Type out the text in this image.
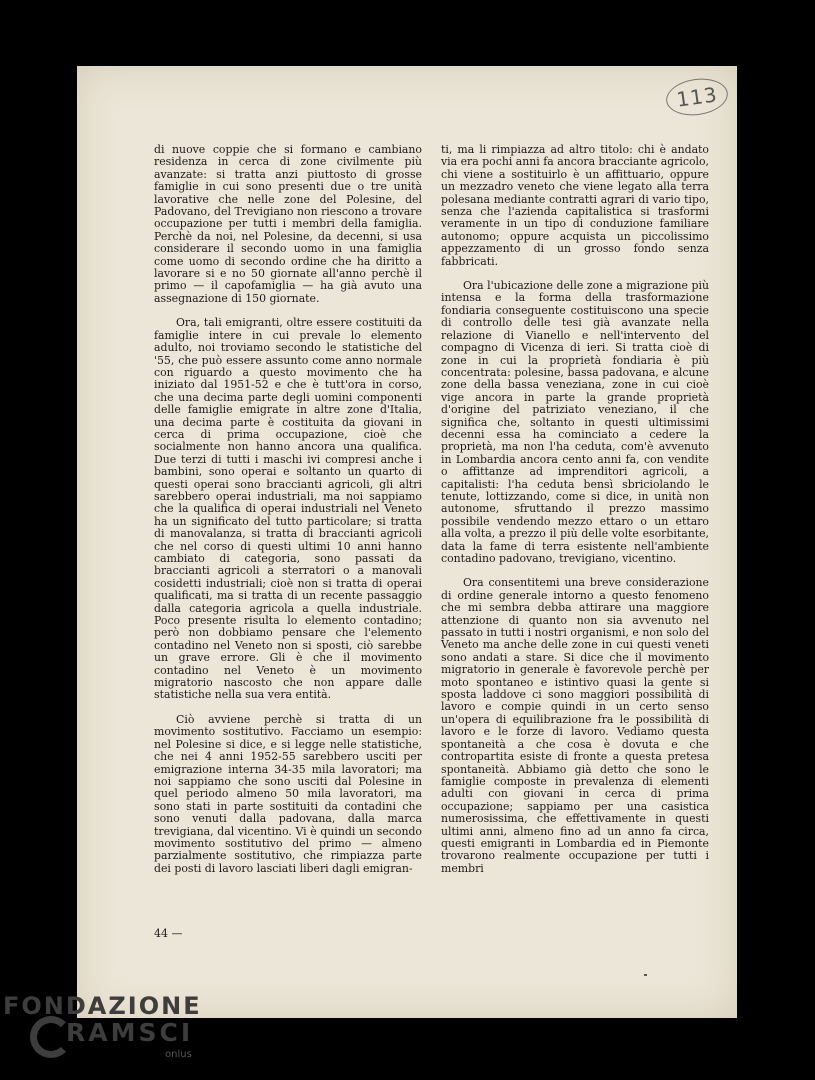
113

di nuove coppie che si formano e cambiano residenza in cerca di zone civilmente più avanzate: si tratta anzi piuttosto di grosse famiglie in cui sono presenti due o tre unità lavorative che nelle zone del Polesine, del Padovano, del Trevigiano non riescono a trovare occupazione per tutti i membri della famiglia. Perchè da noi, nel Polesine, da decenni, si usa considerare il secondo uomo in una famiglia come uomo di secondo ordine che ha diritto a lavorare si e no 50 giornate all'anno perchè il primo — il capofamiglia — ha già avuto una assegnazione di 150 giornate.

Ora, tali emigranti, oltre essere costituiti da famiglie intere in cui prevale lo elemento adulto, noi troviamo secondo le statistiche del '55, che può essere assunto come anno normale con riguardo a questo movimento che ha iniziato dal 1951-52 e che è tutt'ora in corso, che una decima parte degli uomini componenti delle famiglie emigrate in altre zone d'Italia, una decima parte è costituita da giovani in cerca di prima occupazione, cioè che socialmente non hanno ancora una qualifica. Due terzi di tutti i maschi ivi compresi anche i bambini, sono operai e soltanto un quarto di questi operai sono braccianti agricoli, gli altri sarebbero operai industriali, ma noi sappiamo che la qualifica di operai industriali nel Veneto ha un significato del tutto particolare; si tratta di manovalanza, si tratta di braccianti agricoli che nel corso di questi ultimi 10 anni hanno cambiato di categoria, sono passati da braccianti agricoli a sterratori o a manovali cosidetti industriali; cioè non si tratta di operai qualificati, ma si tratta di un recente passaggio dalla categoria agricola a quella industriale. Poco presente risulta lo elemento contadino; però non dobbiamo pensare che l'elemento contadino nel Veneto non si sposti, ciò sarebbe un grave errore. Gli è che il movimento contadino nel Veneto è un movimento migratorio nascosto che non appare dalle statistiche nella sua vera entità.

Ciò avviene perchè si tratta di un movimento sostitutivo. Facciamo un esempio: nel Polesine si dice, e si legge nelle statistiche, che nei 4 anni 1952-55 sarebbero usciti per emigrazione interna 34-35 mila lavoratori; ma noi sappiamo che sono usciti dal Polesine in quel periodo almeno 50 mila lavoratori, ma sono stati in parte sostituiti da contadini che sono venuti dalla padovana, dalla marca trevigiana, dal vicentino. Vi è quindi un secondo movimento sostitutivo del primo — almeno parzialmente sostitutivo, che rimpiazza parte dei posti di lavoro lasciati liberi dagli emigran-

ti, ma li rimpiazza ad altro titolo: chi è andato via era pochi anni fa ancora bracciante agricolo, chi viene a sostituirlo è un affittuario, oppure un mezzadro veneto che viene legato alla terra polesana mediante contratti agrari di vario tipo, senza che l'azienda capitalistica si trasformi veramente in un tipo di conduzione familiare autonomo; oppure acquista un piccolissimo appezzamento di un grosso fondo senza fabbricati.

Ora l'ubicazione delle zone a migrazione più intensa e la forma della trasformazione fondiaria conseguente costituiscono una specie di controllo delle tesi già avanzate nella relazione di Vianello e nell'intervento del compagno di Vicenza di ieri. Si tratta cioè di zone in cui la proprietà fondiaria è più concentrata: polesine, bassa padovana, e alcune zone della bassa veneziana, zone in cui cioè vige ancora in parte la grande proprietà d'origine del patriziato veneziano, il che significa che, soltanto in questi ultimissimi decenni essa ha cominciato a cedere la proprietà, ma non l'ha ceduta, com'è avvenuto in Lombardia ancora cento anni fa, con vendite o affittanze ad imprenditori agricoli, a capitalisti: l'ha ceduta bensì sbriciolando le tenute, lottizzando, come si dice, in unità non autonome, sfruttando il prezzo massimo possibile vendendo mezzo ettaro o un ettaro alla volta, a prezzo il più delle volte esorbitante, data la fame di terra esistente nell'ambiente contadino padovano, trevigiano, vicentino.

Ora consentitemi una breve considerazione di ordine generale intorno a questo fenomeno che mi sembra debba attirare una maggiore attenzione di quanto non sia avvenuto nel passato in tutti i nostri organismi, e non solo del Veneto ma anche delle zone in cui questi veneti sono andati a stare. Si dice che il movimento migratorio in generale è favorevole perchè per moto spontaneo e istintivo quasi la gente si sposta laddove ci sono maggiori possibilità di lavoro e compie quindi in un certo senso un'opera di equilibrazione fra le possibilità di lavoro e le forze di lavoro. Vediamo questa spontaneità a che cosa è dovuta e che contropartita esiste di fronte a questa pretesa spontaneità. Abbiamo già detto che sono le famiglie composte in prevalenza di elementi adulti con giovani in cerca di prima occupazione; sappiamo per una casistica numerosissima, che effettivamente in questi ultimi anni, almeno fino ad un anno fa circa, questi emigranti in Lombardia ed in Piemonte trovarono realmente occupazione per tutti i membri

44 —
FONDAZIONE
RAMSCI
onlus
